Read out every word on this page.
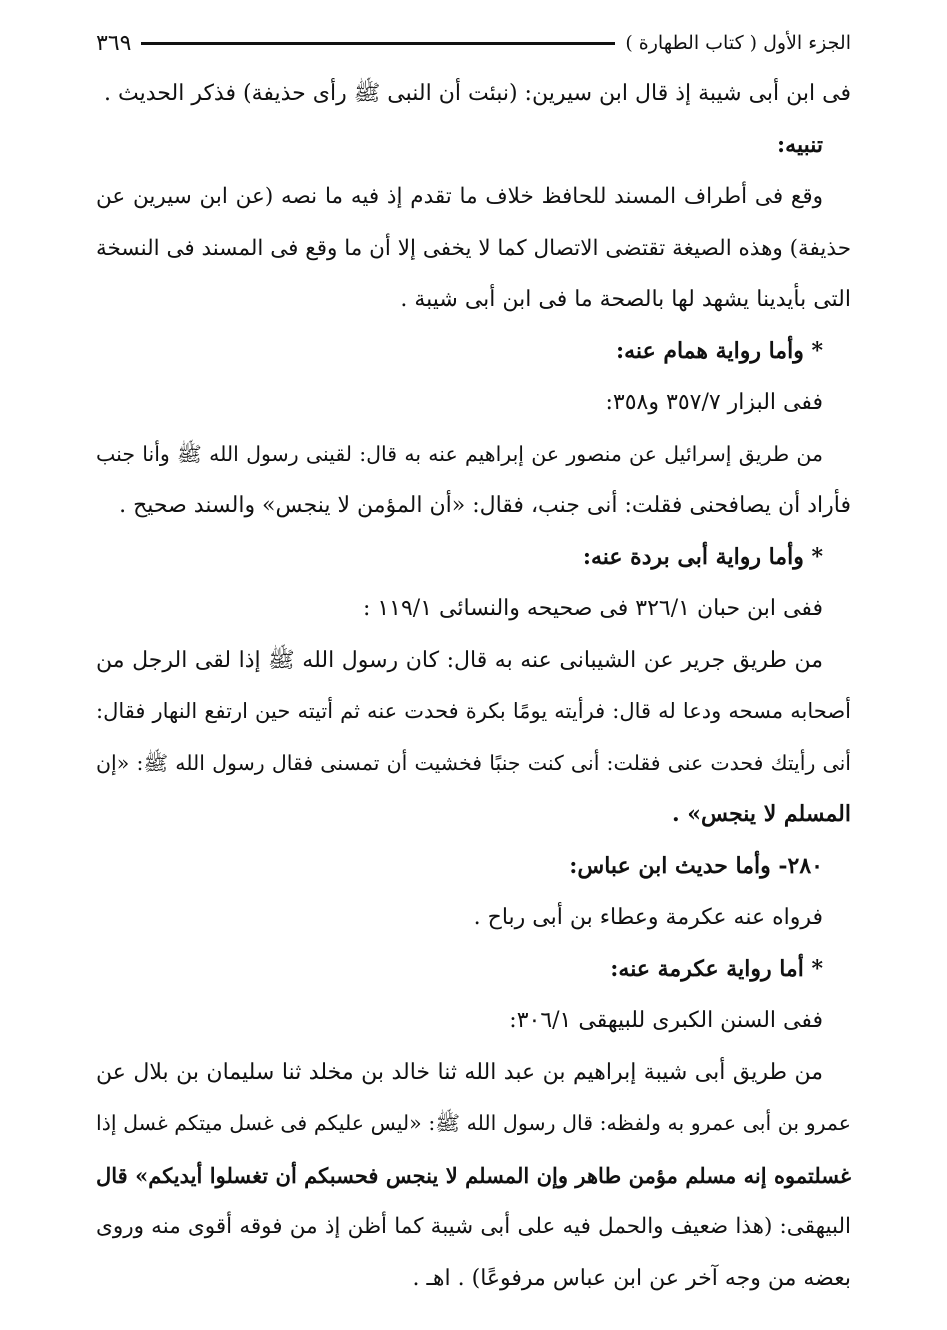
الجزء الأول ( كتاب الطهارة )
٣٦٩
فى ابن أبى شيبة إذ قال ابن سيرين: (نبئت أن النبى ﷺ رأى حذيفة) فذكر الحديث .
تنبيه:
وقع فى أطراف المسند للحافظ خلاف ما تقدم إذ فيه ما نصه (عن ابن سيرين عن
حذيفة) وهذه الصيغة تقتضى الاتصال كما لا يخفى إلا أن ما وقع فى المسند فى النسخة
التى بأيدينا يشهد لها بالصحة ما فى ابن أبى شيبة .
* وأما رواية همام عنه:
ففى البزار ٣٥٧/٧ و٣٥٨:
من طريق إسرائيل عن منصور عن إبراهيم عنه به قال: لقينى رسول الله ﷺ وأنا جنب
فأراد أن يصافحنى فقلت: أنى جنب، فقال: «أن المؤمن لا ينجس» والسند صحيح .
* وأما رواية أبى بردة عنه:
ففى ابن حبان ٣٢٦/١ فى صحيحه والنسائى ١١٩/١ :
من طريق جرير عن الشيبانى عنه به قال: كان رسول الله ﷺ إذا لقى الرجل من
أصحابه مسحه ودعا له قال: فرأيته يومًا بكرة فحدت عنه ثم أتيته حين ارتفع النهار فقال:
أنى رأيتك فحدت عنى فقلت: أنى كنت جنبًا فخشيت أن تمسنى فقال رسول الله ﷺ: «إن
المسلم لا ينجس» .
٢٨٠- وأما حديث ابن عباس:
فرواه عنه عكرمة وعطاء بن أبى رباح .
* أما رواية عكرمة عنه:
ففى السنن الكبرى للبيهقى ٣٠٦/١:
من طريق أبى شيبة إبراهيم بن عبد الله ثنا خالد بن مخلد ثنا سليمان بن بلال عن
عمرو بن أبى عمرو به ولفظه: قال رسول الله ﷺ: «ليس عليكم فى غسل ميتكم غسل إذا
غسلتموه إنه مسلم مؤمن طاهر وإن المسلم لا ينجس فحسبكم أن تغسلوا أيديكم» قال
البيهقى: (هذا ضعيف والحمل فيه على أبى شيبة كما أظن إذ من فوقه أقوى منه وروى
بعضه من وجه آخر عن ابن عباس مرفوعًا) . اهـ .
